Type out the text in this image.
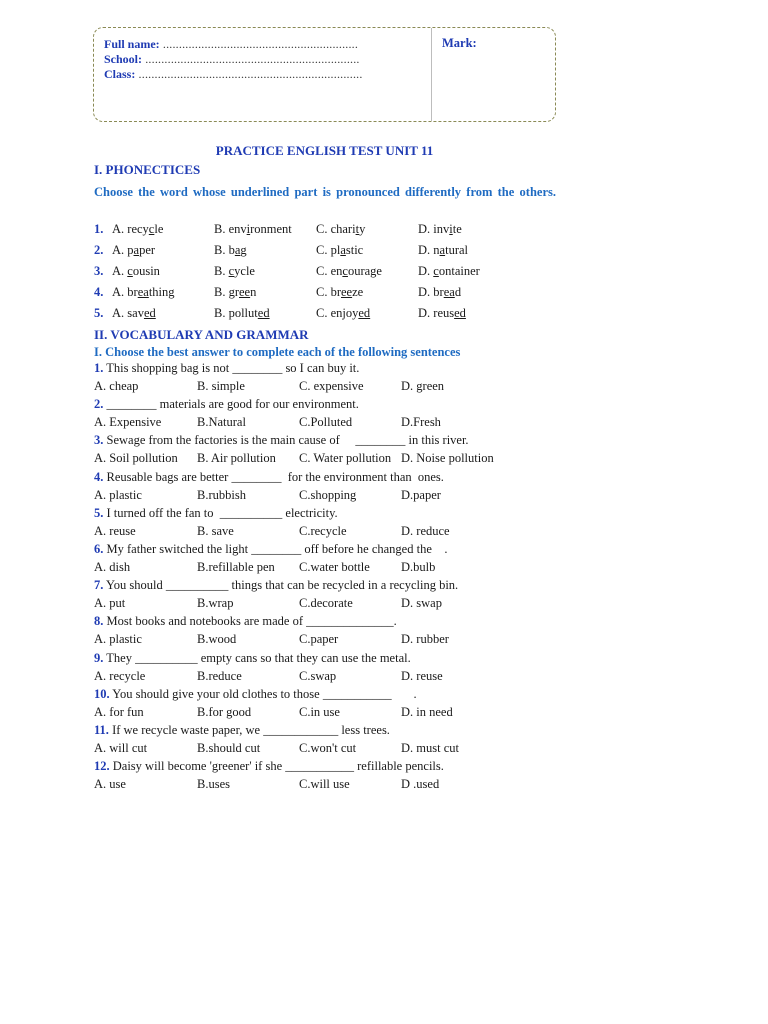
Full name: .............................................................
School: ...................................................................
Class: ......................................................................
Mark:
PRACTICE ENGLISH TEST UNIT 11
I. PHONECTICES
Choose the word whose underlined part is pronounced differently from the others.
1. A. recycle	B. environment C. charity	D. invite
2. A. paper	B. bag	C. plastic	D. natural
3. A. cousin	B. cycle	C. encourage	D. container
4. A. breathing	B. green	C. breeze	D. bread
5. A. saved	B. polluted	C. enjoyed	D. reused
II. VOCABULARY AND GRAMMAR
I. Choose the best answer to complete each of the following sentences
1. This shopping bag is not ________ so I can buy it.
A. cheap	B. simple	C. expensive	D. green
2. ________ materials are good for our environment.
A. Expensive	B.Natural	C.Polluted	D.Fresh
3. Sewage from the factories is the main cause of     ________ in this river.
A. Soil pollution B. Air pollution C. Water pollution D. Noise pollution
4. Reusable bags are better ________  for the environment than  ones.
A. plastic	B.rubbish	C.shopping	D.paper
5. I turned off the fan to  __________ electricity.
A. reuse	B. save	C.recycle	D. reduce
6. My father switched the light ________ off before he changed the    .
A. dish	B.refillable pen C.water bottle D.bulb
7. You should __________ things that can be recycled in a recycling bin.
A. put	B.wrap	C.decorate	D. swap
8. Most books and notebooks are made of ______________.
A. plastic	B.wood	C.paper	D. rubber
9. They __________ empty cans so that they can use the metal.
A. recycle	B.reduce	C.swap	D. reuse
10. You should give your old clothes to those ___________       .
A. for fun	B.for good	C.in use	D. in need
11. If we recycle waste paper, we ____________ less trees.
A. will cut	B.should cut	C.won't cut	D. must cut
12. Daisy will become 'greener' if she ___________ refillable pencils.
A. use	B.uses	C.will use	D .used
